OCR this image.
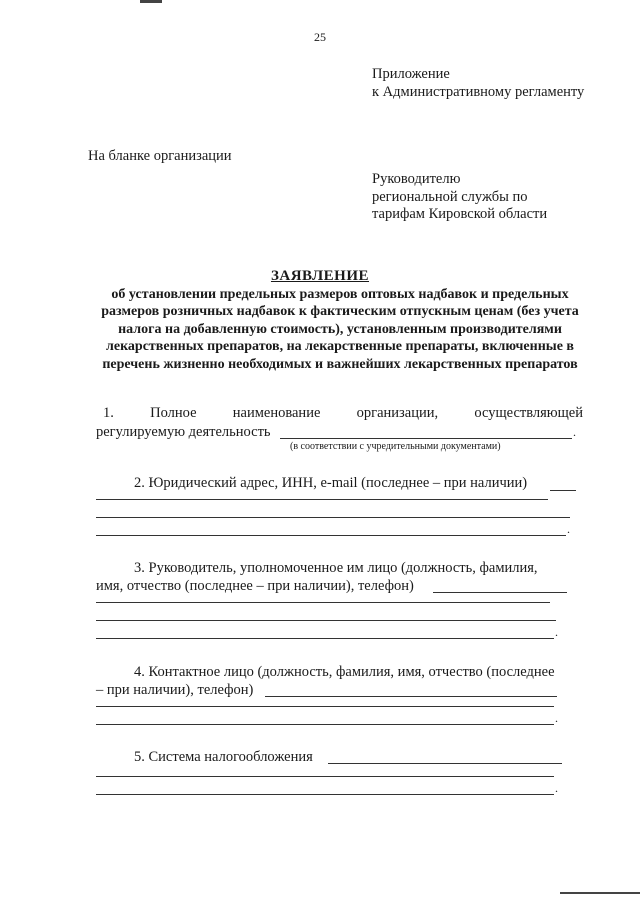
25
Приложение
к Административному регламенту
На бланке организации
Руководителю
региональной службы по
тарифам Кировской области
ЗАЯВЛЕНИЕ
об установлении предельных размеров оптовых надбавок и предельных размеров розничных надбавок к фактическим отпускным ценам (без учета налога на добавленную стоимость), установленным производителями лекарственных препаратов, на лекарственные препараты, включенные в перечень жизненно необходимых и важнейших лекарственных препаратов
1.	Полное	наименование	организации,	осуществляющей
регулируемую деятельность	.
(в соответствии с учредительными документами)
2. Юридический адрес, ИНН, e-mail (последнее – при наличии)
.
3. Руководитель, уполномоченное им лицо (должность, фамилия,
имя, отчество (последнее – при наличии), телефон)
.
4. Контактное лицо (должность, фамилия, имя, отчество (последнее
– при наличии), телефон)
.
5. Система налогообложения
.
